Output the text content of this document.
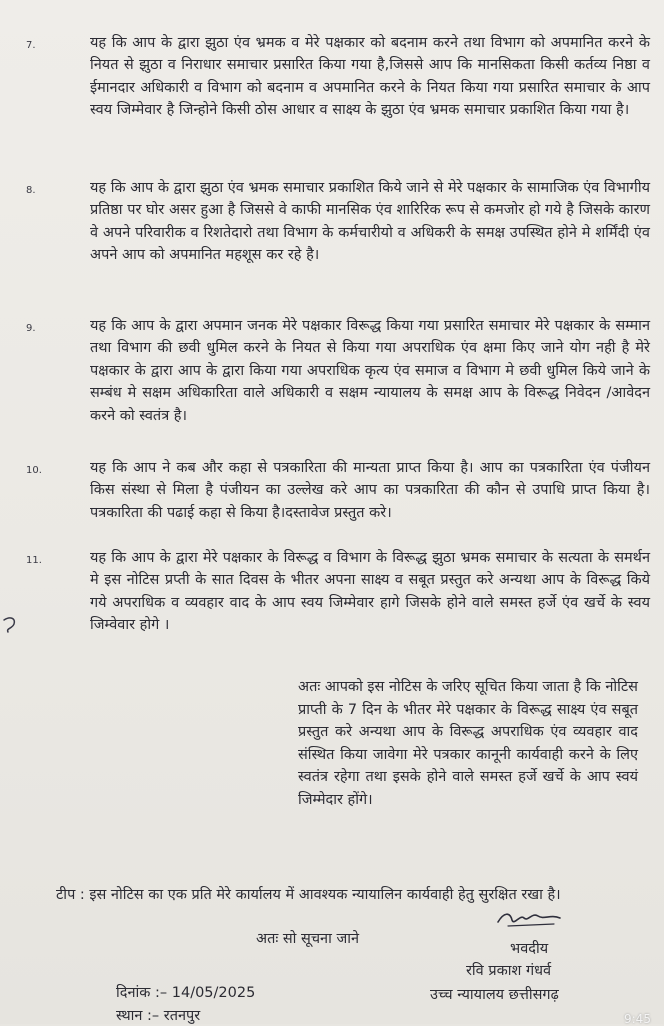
7.	यह कि आप के द्वारा झुठा एंव भ्रमक व मेरे पक्षकार को बदनाम करने तथा विभाग को अपमानित करने के नियत से झुठा व निराधार समाचार प्रसारित किया गया है,जिससे आप कि मानसिकता किसी कर्तव्य निष्ठा व ईमानदार अधिकारी व विभाग को बदनाम व अपमानित करने के नियत किया गया प्रसारित समाचार के आप स्वय जिम्मेवार है जिन्होने किसी ठोस आधार व साक्ष्य के झुठा एंव भ्रमक समाचार प्रकाशित किया गया है।
8.	यह कि आप के द्वारा झुठा एंव भ्रमक समाचार प्रकाशित किये जाने से मेरे पक्षकार के सामाजिक एंव विभागीय प्रतिष्ठा पर घोर असर हुआ है जिससे वे काफी मानसिक एंव शारिरिक रूप से कमजोर हो गये है जिसके कारण वे अपने परिवारीक व रिशतेदारो तथा विभाग के कर्मचारीयो व अधिकरी के समक्ष उपस्थित होने मे शर्मिंदी एंव अपने आप को अपमानित महशूस कर रहे है।
9.	यह कि आप के द्वारा अपमान जनक मेरे पक्षकार विरूद्ध किया गया प्रसारित समाचार मेरे पक्षकार के सम्मान तथा विभाग की छवी धुमिल करने के नियत से किया गया अपराधिक एंव क्षमा किए जाने योग नही है मेरे पक्षकार के द्वारा आप के द्वारा किया गया अपराधिक कृत्य एंव समाज व विभाग मे छवी धुमिल किये जाने के सम्बंध मे सक्षम अधिकारिता वाले अधिकारी व सक्षम न्यायालय के समक्ष आप के विरूद्ध निवेदन /आवेदन करने को स्वतंत्र है।
10.	यह कि आप ने कब और कहा से पत्रकारिता की मान्यता प्राप्त किया है। आप का पत्रकारिता एंव पंजीयन किस संस्था से मिला है पंजीयन का उल्लेख करे आप का पत्रकारिता की कौन से उपाधि प्राप्त किया है।पत्रकारिता की पढाई कहा से किया है।दस्तावेज प्रस्तुत करे।
11.	यह कि आप के द्वारा मेरे पक्षकार के विरूद्ध व विभाग के विरूद्ध झुठा भ्रमक समाचार के सत्यता के समर्थन मे इस नोटिस प्रप्ती के सात दिवस के भीतर अपना साक्ष्य व सबूत प्रस्तुत करे अन्यथा आप के विरूद्ध किये गये अपराधिक व व्यवहार वाद के आप स्वय जिम्मेवार हागे जिसके होने वाले समस्त हर्जे एंव खर्चे के स्वय जिम्वेवार होगे ।
अतः आपको इस नोटिस के जरिए सूचित किया जाता है कि नोटिस प्राप्ती के 7 दिन के भीतर मेरे पक्षकार के विरूद्ध साक्ष्य एंव सबूत प्रस्तुत करे अन्यथा आप के विरूद्ध अपराधिक एंव व्यवहार वाद संस्थित किया जावेगा मेरे पत्रकार कानूनी कार्यवाही करने के लिए स्वतंत्र रहेगा तथा इसके होने वाले समस्त हर्जे खर्चे के आप स्वयं जिम्मेदार होंगे।
टीप : इस नोटिस का एक प्रति मेरे कार्यालय में आवश्यक न्यायालिन कार्यवाही हेतु सुरक्षित रखा है।
अतः सो सूचना जाने
भवदीय
रवि प्रकाश गंधर्व
उच्च न्यायालय छत्तीसगढ़
दिनांक :– 14/05/2025
स्थान :– रतनपुर	9:45
